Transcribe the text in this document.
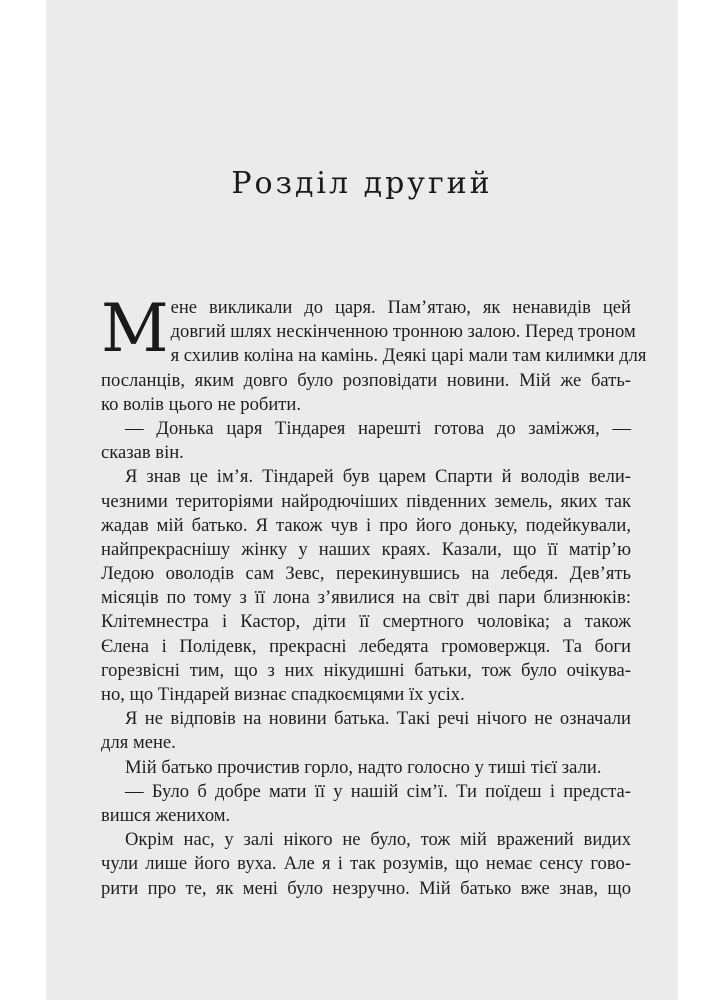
Розділ другий
М ене викликали до царя. Пам’ятаю, як ненавидів цей
довгий шлях нескінченною тронною залою. Перед троном
я схилив коліна на камінь. Деякі царі мали там килимки для
посланців, яким довго було розповідати новини. Мій же бать-
ко волів цього не робити.
— Донька царя Тіндарея нарешті готова до заміжжя, —
сказав він.
Я знав це ім’я. Тіндарей був царем Спарти й володів вели-
чезними територіями найродючіших південних земель, яких так
жадав мій батько. Я також чув і про його доньку, подейкували,
найпрекраснішу жінку у наших краях. Казали, що її матір’ю
Ледою оволодів сам Зевс, перекинувшись на лебедя. Дев’ять
місяців по тому з її лона з’явилися на світ дві пари близнюків:
Клітемнестра і Кастор, діти її смертного чоловіка; а також
Єлена і Полідевк, прекрасні лебедята громовержця. Та боги
горезвісні тим, що з них нікудишні батьки, тож було очікува-
но, що Тіндарей визнає спадкоємцями їх усіх.
Я не відповів на новини батька. Такі речі нічого не означали
для мене.
Мій батько прочистив горло, надто голосно у тиші тієї зали.
— Було б добре мати її у нашій сім’ї. Ти поїдеш і предста-
вишся женихом.
Окрім нас, у залі нікого не було, тож мій вражений видих
чули лише його вуха. Але я і так розумів, що немає сенсу гово-
рити про те, як мені було незручно. Мій батько вже знав, що
